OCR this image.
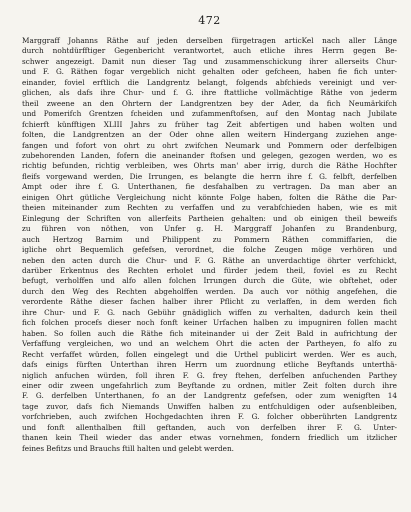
472
Marggraff Johanns Räthe auf jeden derselben fürgetragen articKel nach aller Länge
durch nohtdürfftiger Gegenbericht verantwortet, auch etliche ihres Herrn gegen Be-
schwer angezeigt. Damit nun dieser Tag und zusammenschickung ihrer allerseits Chur-
und F. G. Räthen fogar vergeblich nicht gehalten oder gefcheen, haben fie fich unter-
einander, foviel erftlich die Landgrentz belangt, folgends abfchieds vereinigt und ver-
glichen, als dafs ihre Chur- und f. G. ihre ftattliche vollmächtige Räthe von jederm
theil zweene an den Ohrtern der Landgrentzen bey der Ader, da fich Neumärkifch
und Pomerifch Grentzen fcheiden und zufammenftofsen, auf den Montag nach Jubilate
fchierft künfftigen XLIII Jahrs zu früher tag Zeit abfertigen und haben wolten und
folten, die Landgrentzen an der Oder ohne allen weitern Hindergang zuziehen ange-
fangen und fofort von ohrt zu ohrt zwifchen Neumark und Pommern oder derfelbigen
zubehorenden Landen, fofern die aneinander ftofsen und gelegen, gezogen werden, wo es
richtig befunden, richtig verbleiben, wes Ohrts man' aber irrig, durch die Räthe Hochfter
fleifs vorgewand werden, Die Irrungen, es belangte die herrn ihre f. G. felbft, derfelben
Ampt oder ihre f. G. Unterthanen, fie desfahalben zu vertragen. Da man aber an
einigen Ohrt gütliche Vergleichung nicht könnte Folge haben, folten die Räthe die Par-
theien miteinander zum Rechten zu verfaffen und zu verabfchieden haben, wie es mit
Einlegung der Schriften von allerfeits Partheien gehalten: und ob einigen theil beweifs
zu führen von nöthen, von Unfer g. H. Marggraff Johanfen zu Brandenburg,
auch Hertzog Barnim und Philippent zu Pommern Räthen commiffarien, die
igliche ohrt Bequemlich gefefsen, verordnet, die folche Zeugen möge verhören und
neben den acten durch die Chur- und F. G. Räthe an unverdachtige öhrter verfchickt,
darüber Erkentnus des Rechten erholet und fürder jedem theil, foviel es zu Recht
befugt, verholffen und alfo allen folchen Irrungen durch die Güte, wie obftehet, oder
durch den Weg des Rechten abgeholffen werden. Da auch vor nöthig angefehen, die
verordente Räthe dieser fachen halber ihrer Pflicht zu verlaffen, in dem werden fich
ihre Chur- und F. G. nach Gebühr gnädiglich wiffen zu verhalten, dadurch kein theil
fich folchen procefs dieser noch fonft keiner Urfachen halben zu impugniren follen macht
haben. So follen auch die Räthe fich miteinander ui der Zeit Bald in aufrichtung der
Verfaffung vergleichen, wo und an welchem Ohrt die acten der Partheyen, fo alfo zu
Recht verfaffet würden, follen eingelegt und die Urthel publicirt werden. Wer es auch,
dafs einigs fürften Unterthan ihren Herrn um zuordnung etliche Beyftands unterthä-
niglich anfuchen würden, foll ihren F. G. frey ftehen, derfelben anfuchenden Parthey
einer odir zween ungefahrlich zum Beyftande zu ordnen, mitler Zeit folten durch ihre
F. G. derfelben Unterthanen, fo an der Landgrentz gefefsen, oder zum wenigften 14
tage zuvor, dafs fich Niemands Unwiffen halben zu entfchuldigen oder aufsenbleiben,
vorfchrieben, auch zwifchen Hochgedachten ihren F. G. folcher obberührten Landgrentz
und fonft allenthalben ftill geftanden, auch von derfelben ihrer F. G. Unter-
thanen kein Theil wieder das ander etwas vornehmen, fondern friedlich um itzlicher
feines Befitzs und Brauchs ftill halten und gelebt werden.
